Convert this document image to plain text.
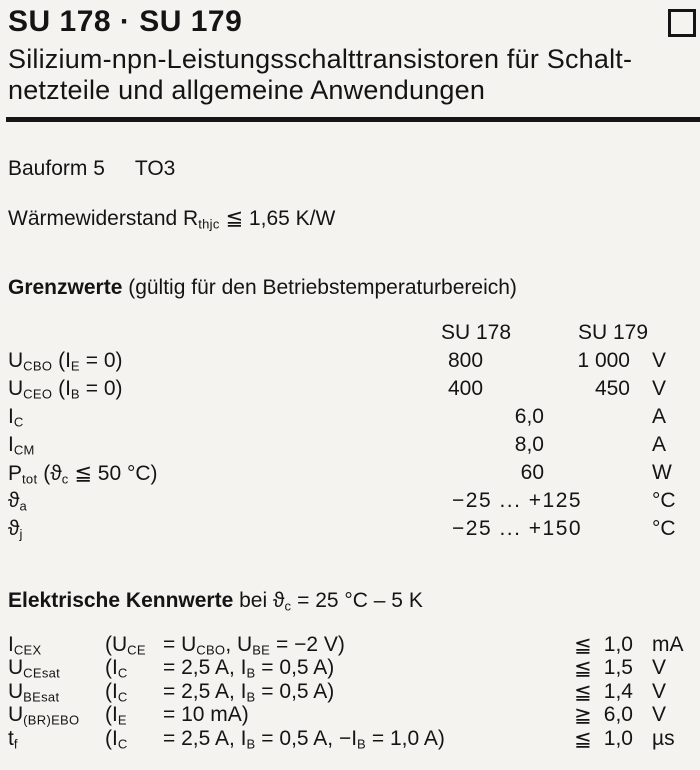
SU 178 · SU 179
Silizium-npn-Leistungsschalttransistoren für Schalt-
netzteile und allgemeine Anwendungen
Bauform 5 TO3
Wärmewiderstand $R_{thjc}$ ≦ 1,65 K/W
Grenzwerte (gültig für den Betriebstemperaturbereich)
SU 178	SU 179
$U_{CBO}$ $(I_E = 0)$	800	1 000 V
$U_{CEO}$ $(I_B = 0)$	400	450 V
$I_C$	6,0	A
$I_{CM}$	8,0	A
$P_{tot}$ ($ϑ_c$ ≦ 50 °C)	60	W
$ϑ_a$	−25 ... +125	°C
$ϑ_j$	−25 ... +150	°C
Elektrische Kennwerte bei $ϑ_c = 25$ °C – 5 K
$I_{CEX}$	($U_{CE} = U_{CBO}$, $U_{BE} = -2$ V)	≦ 1,0 mA
$U_{CEsat}$ ($I_C = 2,5$ A, $I_B = 0,5$ A)	≦ 1,5 V
$U_{BEsat}$ ($I_C = 2,5$ A, $I_B = 0,5$ A)	≦ 1,4 V
$U_{(BR)EBO}$ ($I_E = 10$ mA)	≧ 6,0 V
$t_f$	($I_C = 2,5$ A, $I_B = 0,5$ A, $-I_B = 1,0$ A)	≦ 1,0 µs
